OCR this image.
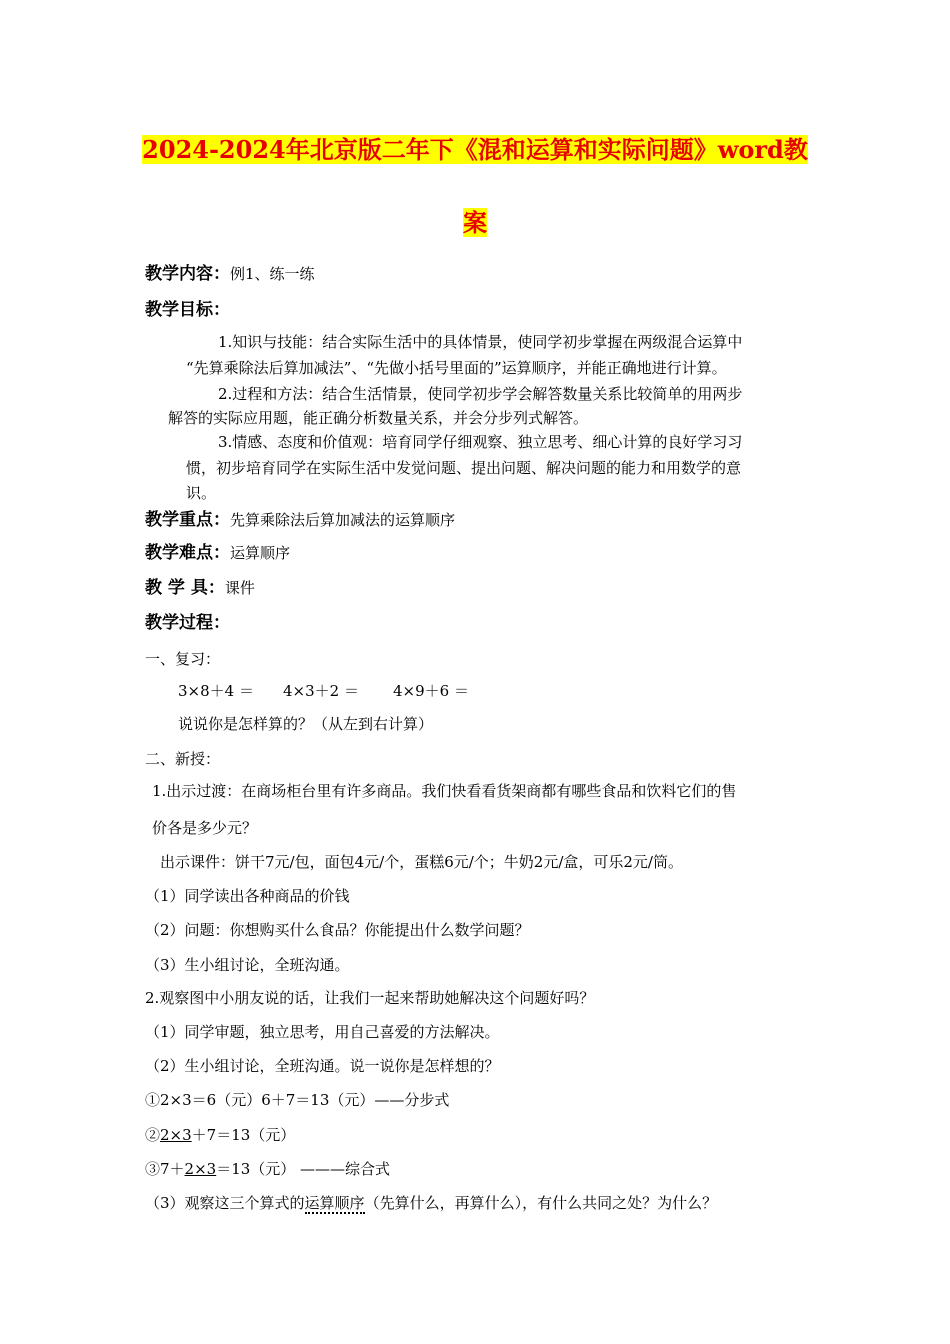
2024-2024年北京版二年下《混和运算和实际问题》word教
案
教学内容：例1、练一练
教学目标：
1.知识与技能：结合实际生活中的具体情景，使同学初步掌握在两级混合运算中
“先算乘除法后算加减法”、“先做小括号里面的”运算顺序，并能正确地进行计算。
2.过程和方法：结合生活情景，使同学初步学会解答数量关系比较简单的用两步
解答的实际应用题，能正确分析数量关系，并会分步列式解答。
3.情感、态度和价值观：培育同学仔细观察、独立思考、细心计算的良好学习习
惯，初步培育同学在实际生活中发觉问题、提出问题、解决问题的能力和用数学的意
识。
教学重点：先算乘除法后算加减法的运算顺序
教学难点：运算顺序
教 学 具：课件
教学过程：
一、复习：
3×8＋4 ＝ 4×3＋2 ＝ 4×9＋6 ＝
说说你是怎样算的？（从左到右计算）
二、新授：
1.出示过渡：在商场柜台里有许多商品。我们快看看货架商都有哪些食品和饮料它们的售
价各是多少元？
出示课件：饼干7元/包，面包4元/个，蛋糕6元/个；牛奶2元/盒，可乐2元/筒。
（1）同学读出各种商品的价钱
（2）问题：你想购买什么食品？你能提出什么数学问题？
（3）生小组讨论，全班沟通。
2.观察图中小朋友说的话，让我们一起来帮助她解决这个问题好吗？
（1）同学审题，独立思考，用自己喜爱的方法解决。
（2）生小组讨论，全班沟通。说一说你是怎样想的？
①2×3＝6（元）6＋7＝13（元）——分步式
②2×3＋7＝13（元）
③7＋2×3＝13（元） ———综合式
（3）观察这三个算式的运算顺序（先算什么，再算什么），有什么共同之处？为什么？
